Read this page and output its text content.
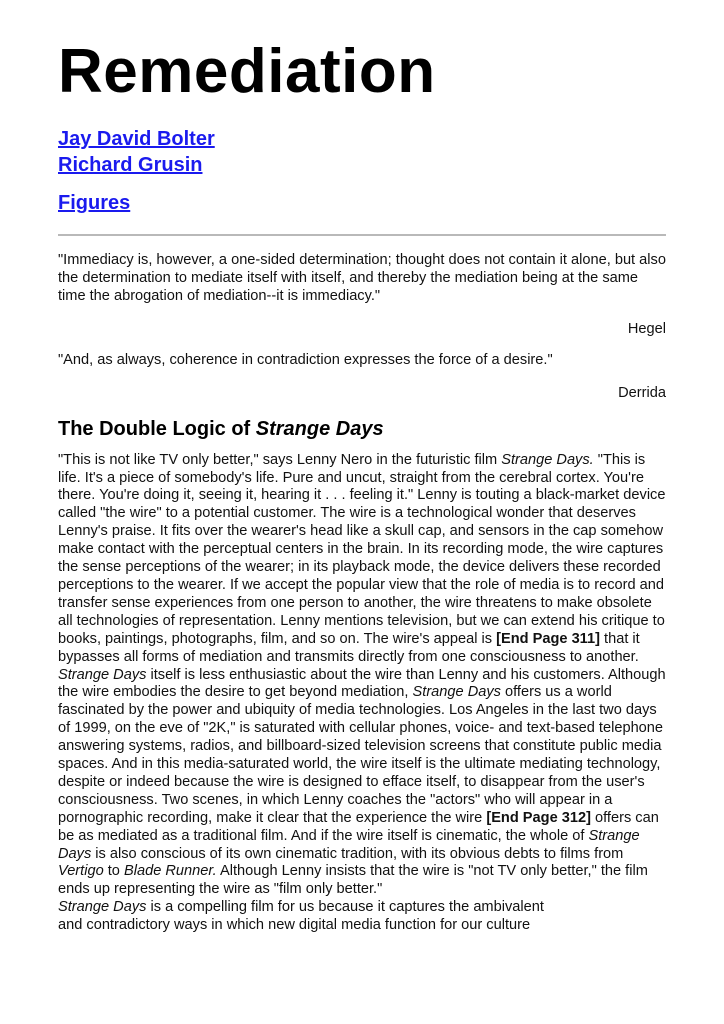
Remediation
Jay David Bolter
Richard Grusin
Figures

"Immediacy is, however, a one-sided determination; thought does not contain it alone, but also the determination to mediate itself with itself, and thereby the mediation being at the same time the abrogation of mediation--it is immediacy."

Hegel

"And, as always, coherence in contradiction expresses the force of a desire."

Derrida
The Double Logic of Strange Days

"This is not like TV only better," says Lenny Nero in the futuristic film Strange Days. "This is life. It's a piece of somebody's life. Pure and uncut, straight from the cerebral cortex. You're there. You're doing it, seeing it, hearing it . . . feeling it." Lenny is touting a black-market device called "the wire" to a potential customer. The wire is a technological wonder that deserves Lenny's praise. It fits over the wearer's head like a skull cap, and sensors in the cap somehow make contact with the perceptual centers in the brain. In its recording mode, the wire captures the sense perceptions of the wearer; in its playback mode, the device delivers these recorded perceptions to the wearer. If we accept the popular view that the role of media is to record and transfer sense experiences from one person to another, the wire threatens to make obsolete all technologies of representation. Lenny mentions television, but we can extend his critique to books, paintings, photographs, film, and so on. The wire's appeal is [End Page 311] that it bypasses all forms of mediation and transmits directly from one consciousness to another.

Strange Days itself is less enthusiastic about the wire than Lenny and his customers. Although the wire embodies the desire to get beyond mediation, Strange Days offers us a world fascinated by the power and ubiquity of media technologies. Los Angeles in the last two days of 1999, on the eve of "2K," is saturated with cellular phones, voice- and text-based telephone answering systems, radios, and billboard-sized television screens that constitute public media spaces. And in this media-saturated world, the wire itself is the ultimate mediating technology, despite or indeed because the wire is designed to efface itself, to disappear from the user's consciousness. Two scenes, in which Lenny coaches the "actors" who will appear in a pornographic recording, make it clear that the experience the wire [End Page 312] offers can be as mediated as a traditional film. And if the wire itself is cinematic, the whole of Strange Days is also conscious of its own cinematic tradition, with its obvious debts to films from Vertigo to Blade Runner. Although Lenny insists that the wire is "not TV only better," the film ends up representing the wire as "film only better."

Strange Days is a compelling film for us because it captures the ambivalent
and contradictory ways in which new digital media function for our culture
